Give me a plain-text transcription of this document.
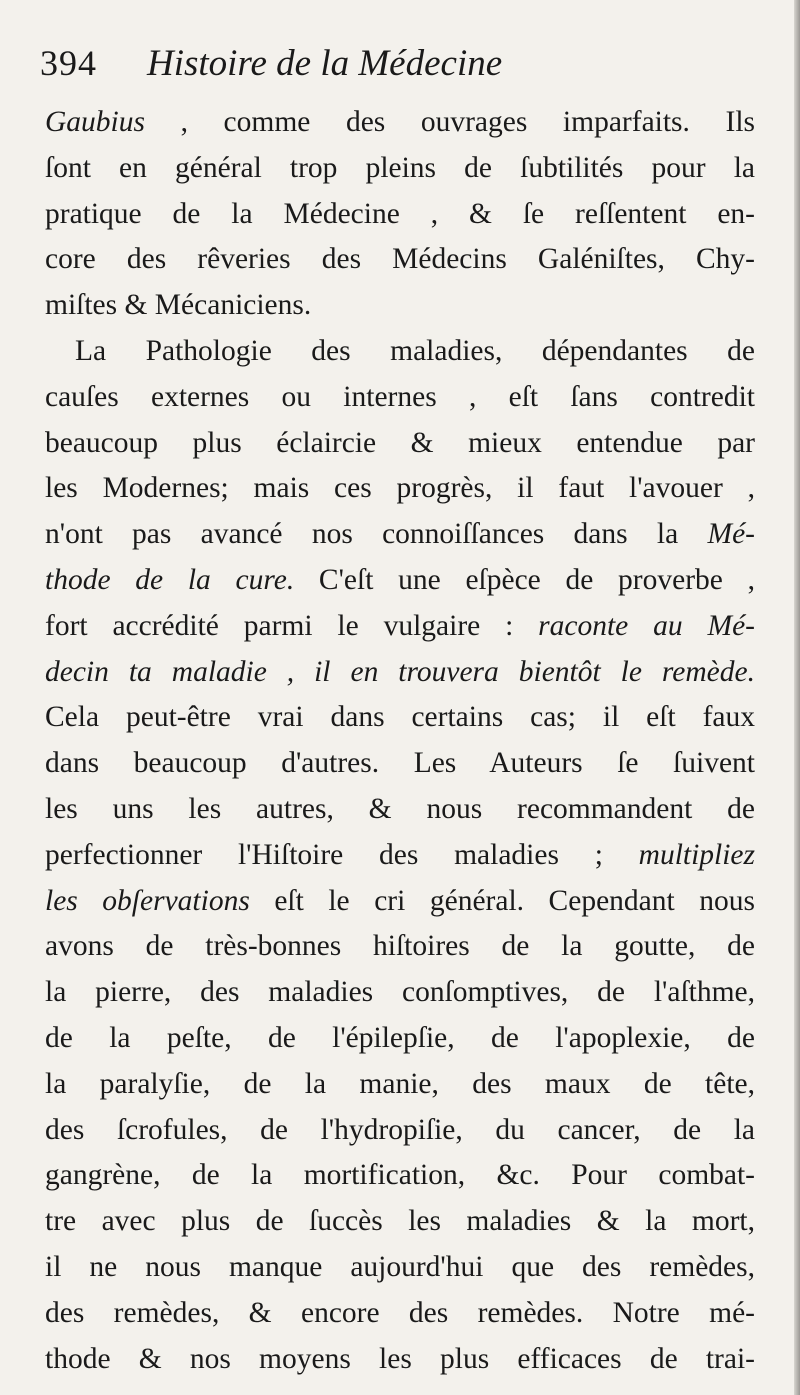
394 Histoire de la Médecine
Gaubius , comme des ouvrages imparfaits. Ils
ſont en général trop pleins de ſubtilités pour la
pratique de la Médecine , & ſe reſſentent en-
core des rêveries des Médecins Galéniſtes, Chy-
miſtes & Mécaniciens.
La Pathologie des maladies, dépendantes de
cauſes externes ou internes , eſt ſans contredit
beaucoup plus éclaircie & mieux entendue par
les Modernes; mais ces progrès, il faut l'avouer ,
n'ont pas avancé nos connoiſſances dans la Mé-
thode de la cure. C'eſt une eſpèce de proverbe ,
fort accrédité parmi le vulgaire : raconte au Mé-
decin ta maladie , il en trouvera bientôt le remède.
Cela peut-être vrai dans certains cas; il eſt faux
dans beaucoup d'autres. Les Auteurs ſe ſuivent
les uns les autres, & nous recommandent de
perfectionner l'Hiſtoire des maladies ; multipliez
les obſervations eſt le cri général. Cependant nous
avons de très-bonnes hiſtoires de la goutte, de
la pierre, des maladies conſomptives, de l'aſthme,
de la peſte, de l'épilepſie, de l'apoplexie, de
la paralyſie, de la manie, des maux de tête,
des ſcrofules, de l'hydropiſie, du cancer, de la
gangrène, de la mortification, &c. Pour combat-
tre avec plus de ſuccès les maladies & la mort,
il ne nous manque aujourd'hui que des remèdes,
des remèdes, & encore des remèdes. Notre mé-
thode & nos moyens les plus efficaces de trai-
